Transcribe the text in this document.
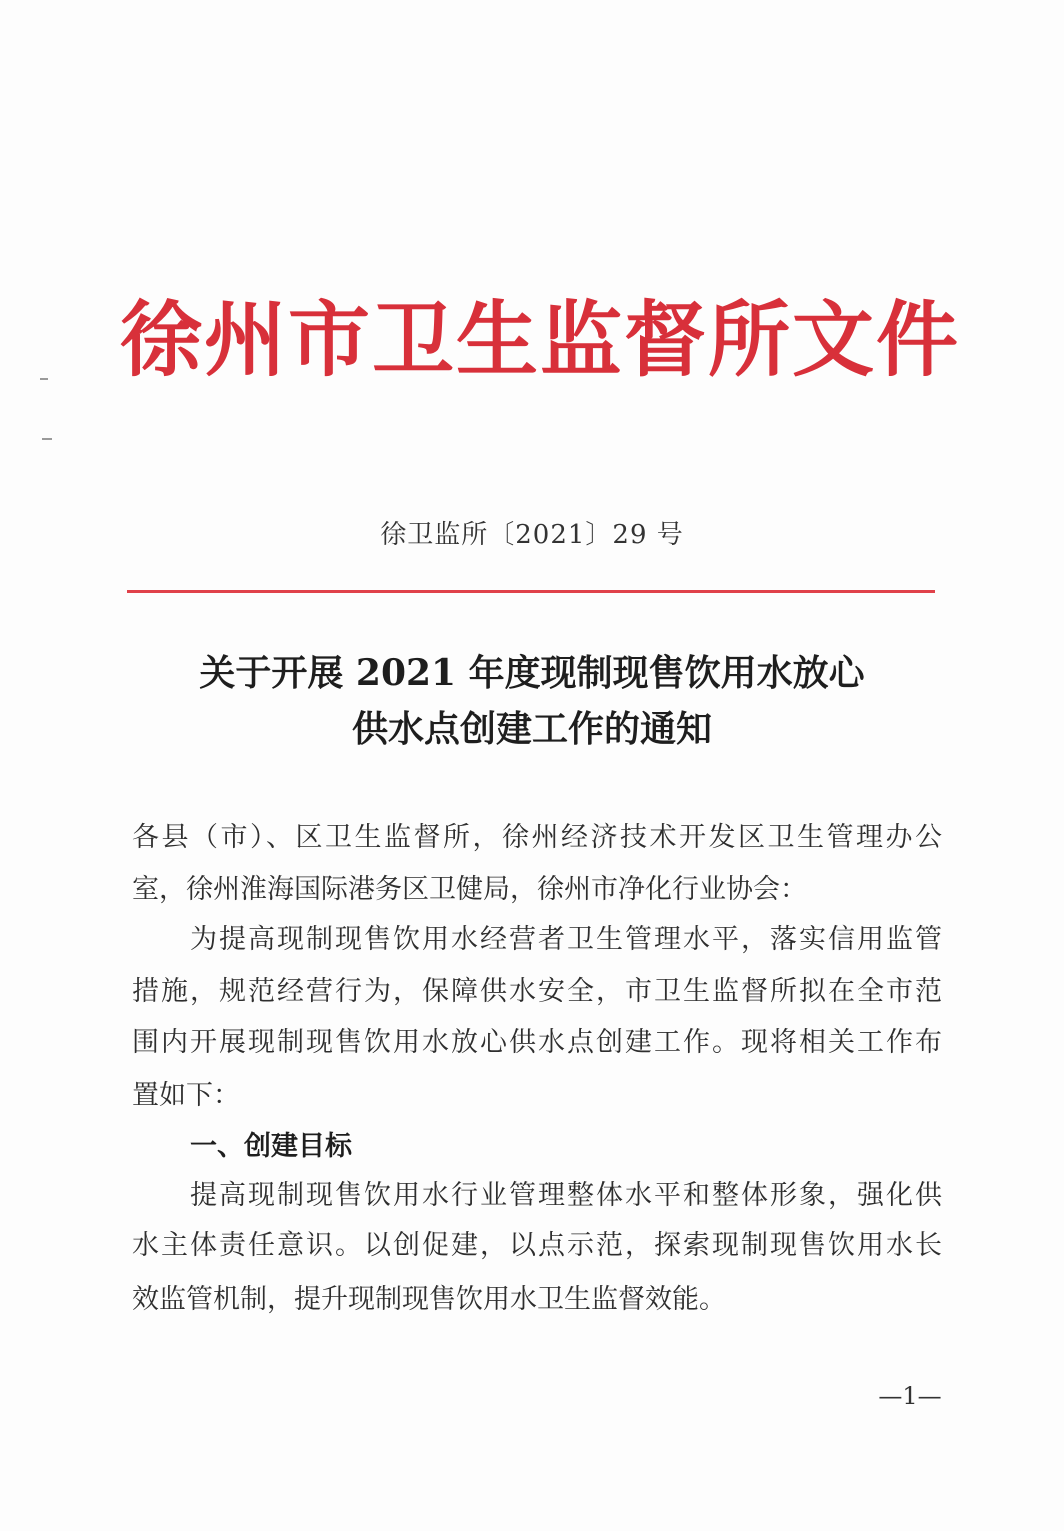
徐州市卫生监督所文件
徐卫监所〔2021〕29 号
关于开展 2021 年度现制现售饮用水放心
供水点创建工作的通知
各县（市）、区卫生监督所，徐州经济技术开发区卫生管理办公
室，徐州淮海国际港务区卫健局，徐州市净化行业协会：
为提高现制现售饮用水经营者卫生管理水平，落实信用监管
措施，规范经营行为，保障供水安全，市卫生监督所拟在全市范
围内开展现制现售饮用水放心供水点创建工作。现将相关工作布
置如下：
一、创建目标
提高现制现售饮用水行业管理整体水平和整体形象，强化供
水主体责任意识。以创促建，以点示范，探索现制现售饮用水长
效监管机制，提升现制现售饮用水卫生监督效能。
—1—
